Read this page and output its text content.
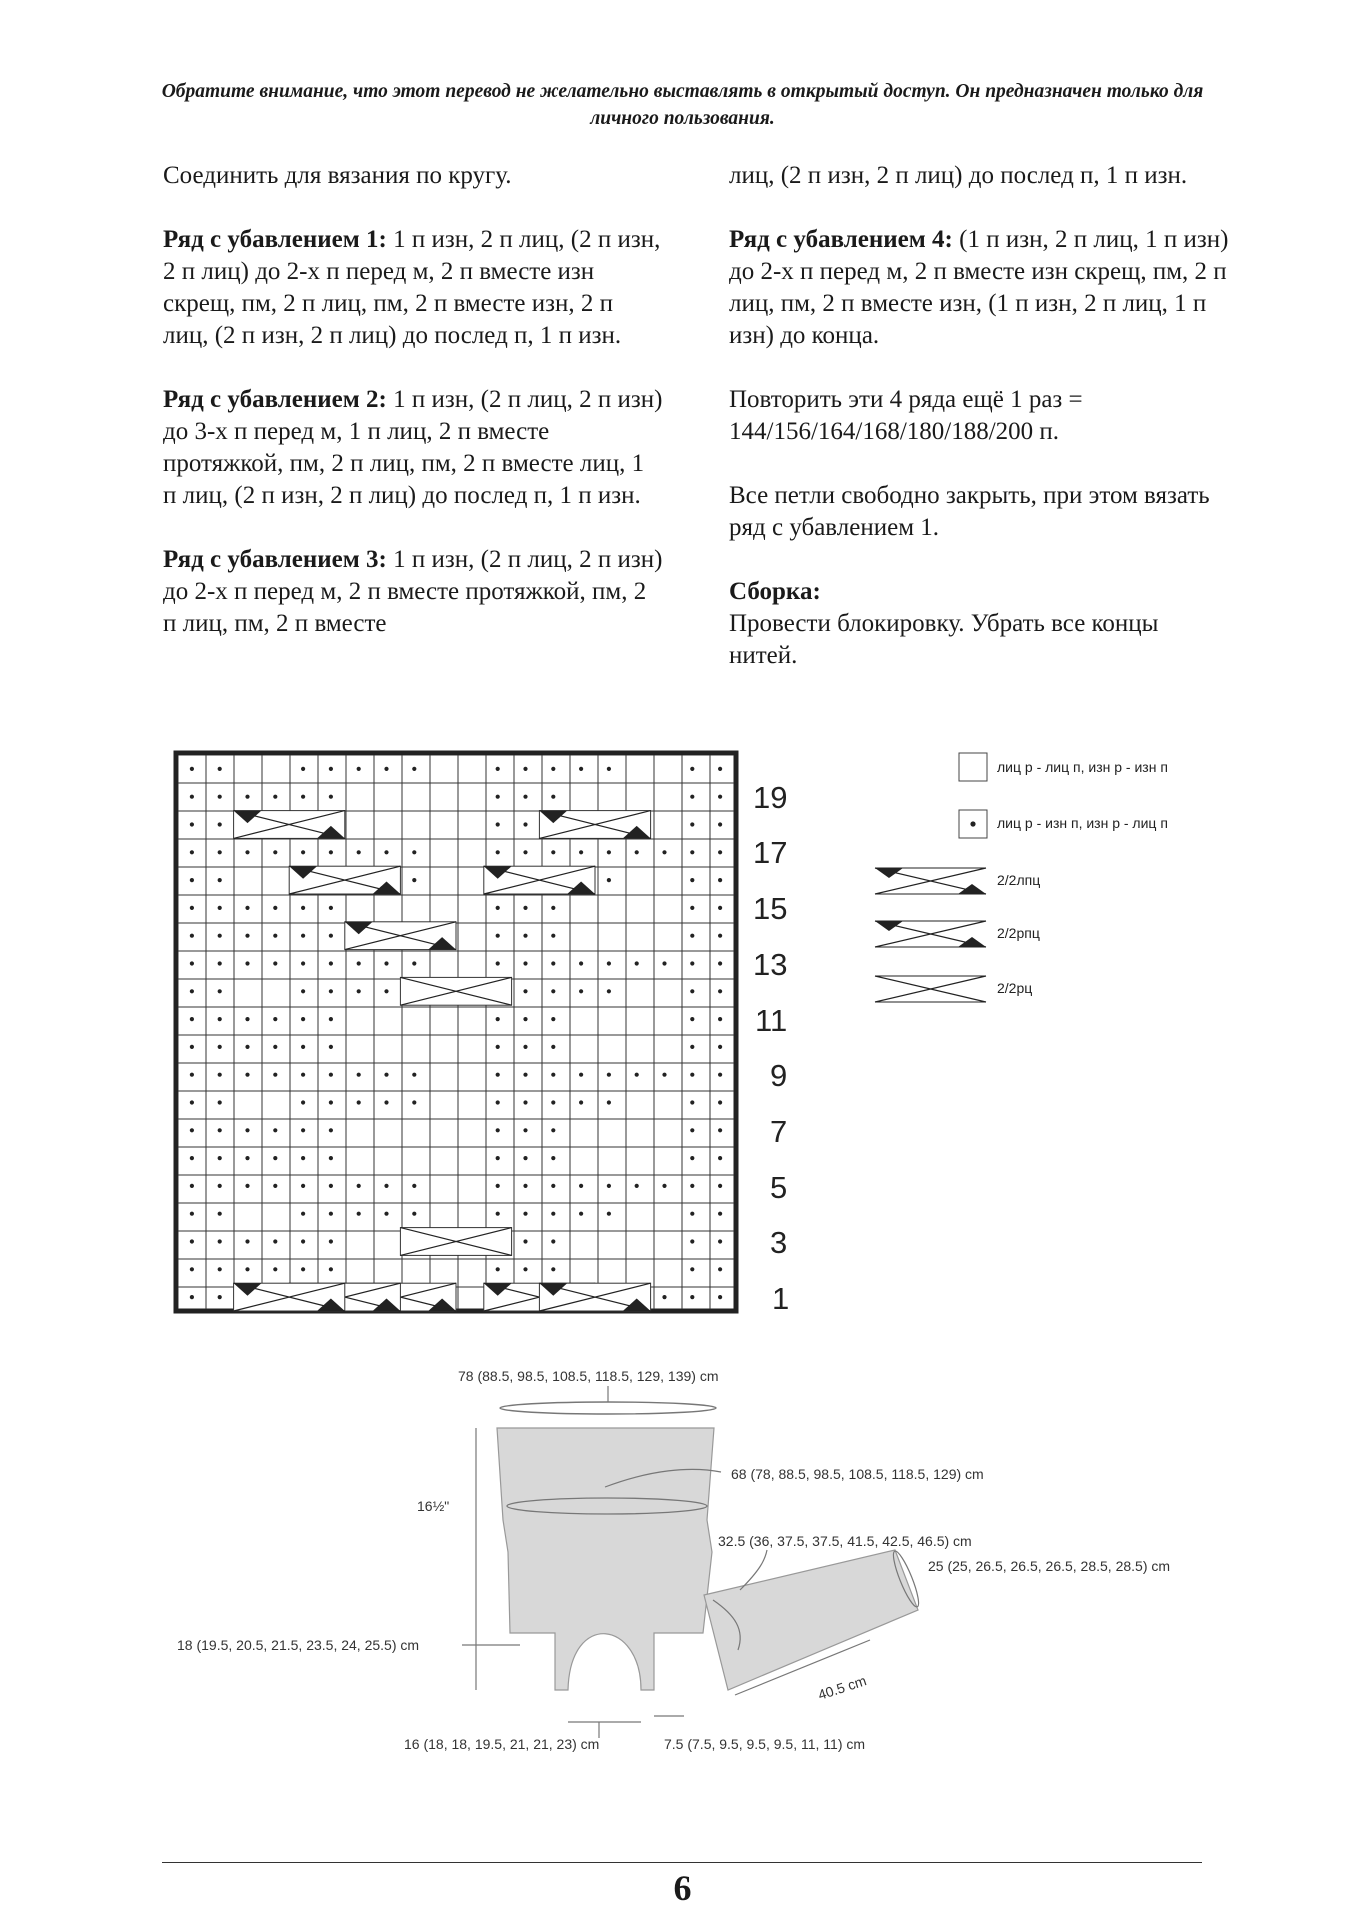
Обратите внимание, что этот перевод не желательно выставлять в открытый доступ. Он предназначен только для личного пользования.

Соединить для вязания по кругу.

Ряд с убавлением 1: 1 п изн, 2 п лиц, (2 п изн, 2 п лиц) до 2-х п перед м, 2 п вместе изн скрещ, пм, 2 п лиц, пм, 2 п вместе изн, 2 п лиц, (2 п изн, 2 п лиц) до послед п, 1 п изн.

Ряд с убавлением 2: 1 п изн, (2 п лиц, 2 п изн) до 3-х п перед м, 1 п лиц, 2 п вместе протяжкой, пм, 2 п лиц, пм, 2 п вместе лиц, 1 п лиц, (2 п изн, 2 п лиц) до послед п, 1 п изн.

Ряд с убавлением 3: 1 п изн, (2 п лиц, 2 п изн) до 2-х п перед м, 2 п вместе протяжкой, пм, 2 п лиц, пм, 2 п вместе

лиц, (2 п изн, 2 п лиц) до послед п, 1 п изн.

Ряд с убавлением 4: (1 п изн, 2 п лиц, 1 п изн) до 2-х п перед м, 2 п вместе изн скрещ, пм, 2 п лиц, пм, 2 п вместе изн, (1 п изн, 2 п лиц, 1 п изн) до конца.

Повторить эти 4 ряда ещё 1 раз = 144/156/164/168/180/188/200 п.

Все петли свободно закрыть, при этом вязать ряд с убавлением 1.

Сборка:
Провести блокировку. Убрать все концы нитей.

19
17
15
13
11
9
7
5
3
1
лиц р - лиц п, изн р - изн п
лиц р - изн п, изн р - лиц п
2/2лпц
2/2рпц
2/2рц
78 (88.5, 98.5, 108.5, 118.5, 129, 139) cm
68 (78, 88.5, 98.5, 108.5, 118.5, 129) cm
32.5 (36, 37.5, 37.5, 41.5, 42.5, 46.5) cm
25 (25, 26.5, 26.5, 26.5, 28.5, 28.5) cm
40.5 cm
16½"
18 (19.5, 20.5, 21.5, 23.5, 24, 25.5) cm
16 (18, 18, 19.5, 21, 21, 23) cm	7.5 (7.5, 9.5, 9.5, 9.5, 11, 11) cm
6
